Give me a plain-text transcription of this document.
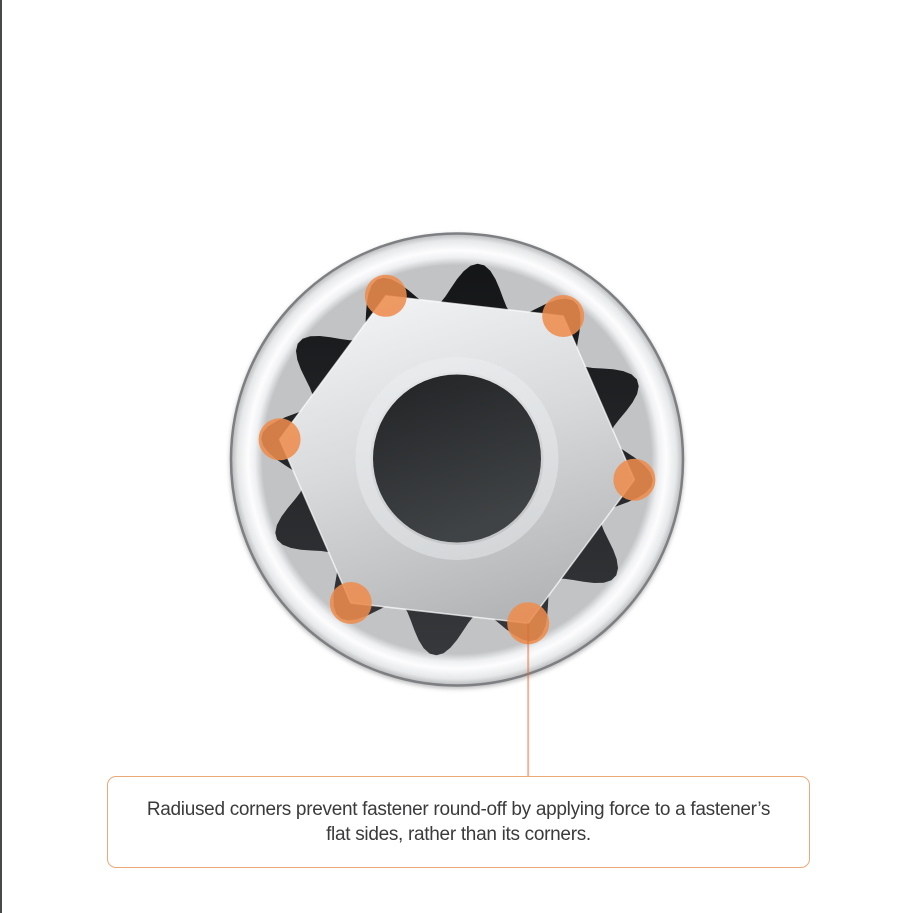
Radiused corners prevent fastener round-off by applying force to a fastener’s
flat sides, rather than its corners.
